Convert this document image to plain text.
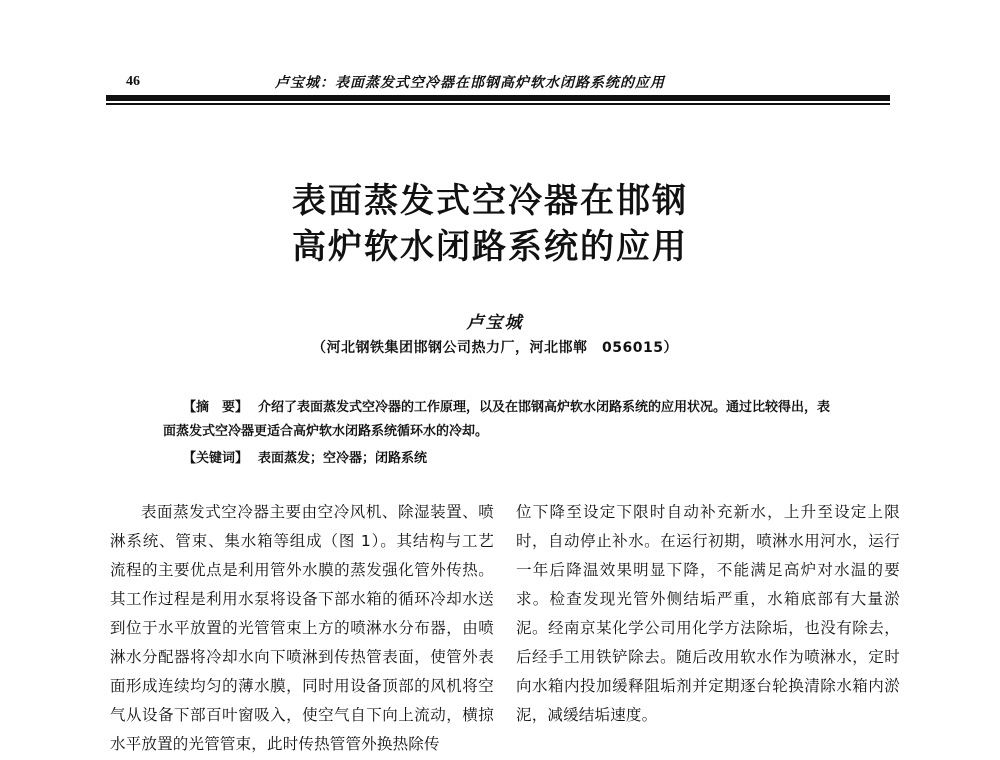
46	卢宝城：表面蒸发式空冷器在邯钢高炉软水闭路系统的应用
表面蒸发式空冷器在邯钢
高炉软水闭路系统的应用
卢宝城
（河北钢铁集团邯钢公司热力厂，河北邯郸　056015）
【摘　要】 介绍了表面蒸发式空冷器的工作原理，以及在邯钢高炉软水闭路系统的应用状况。通过比较得出，表面蒸发式空冷器更适合高炉软水闭路系统循环水的冷却。
【关键词】 表面蒸发；空冷器；闭路系统

表面蒸发式空冷器主要由空冷风机、除湿装置、喷淋系统、管束、集水箱等组成（图 1）。其结构与工艺流程的主要优点是利用管外水膜的蒸发强化管外传热。其工作过程是利用水泵将设备下部水箱的循环冷却水送到位于水平放置的光管管束上方的喷淋水分布器，由喷淋水分配器将冷却水向下喷淋到传热管表面，使管外表面形成连续均匀的薄水膜，同时用设备顶部的风机将空气从设备下部百叶窗吸入，使空气自下向上流动，横掠水平放置的光管管束，此时传热管管外换热除传

位下降至设定下限时自动补充新水，上升至设定上限时，自动停止补水。在运行初期，喷淋水用河水，运行一年后降温效果明显下降，不能满足高炉对水温的要求。检查发现光管外侧结垢严重，水箱底部有大量淤泥。经南京某化学公司用化学方法除垢，也没有除去，后经手工用铁铲除去。随后改用软水作为喷淋水，定时向水箱内投加缓释阻垢剂并定期逐台轮换清除水箱内淤泥，减缓结垢速度。
